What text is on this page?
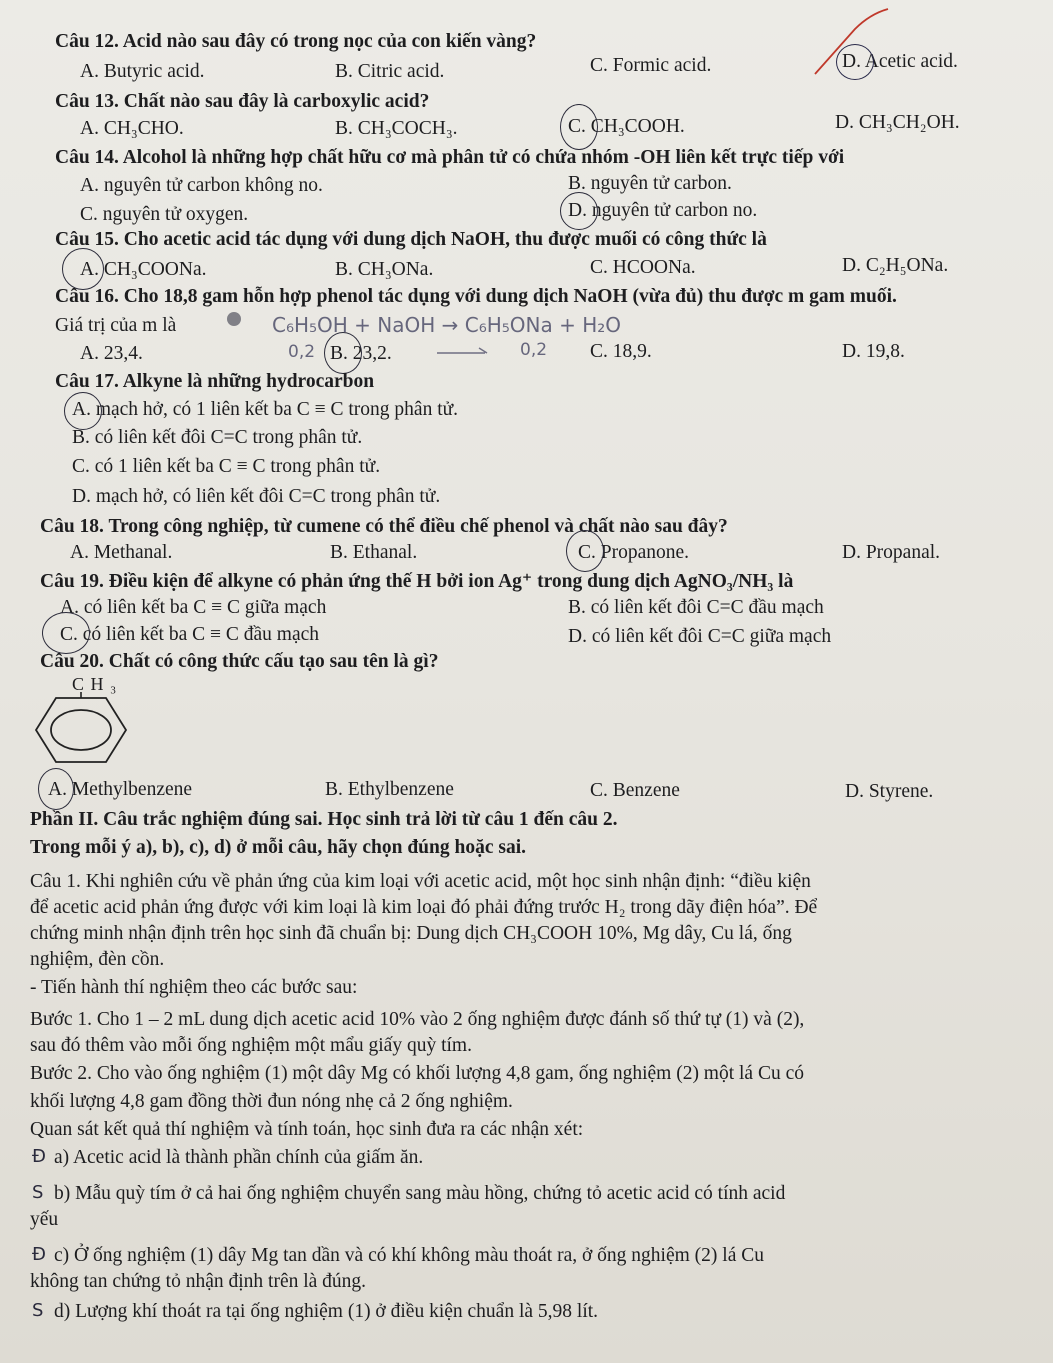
Câu 12. Acid nào sau đây có trong nọc của con kiến vàng?
A. Butyric acid.	B. Citric acid.	C. Formic acid.	D. Acetic acid.
Câu 13. Chất nào sau đây là carboxylic acid?
A. CH₃CHO.	B. CH₃COCH₃.	C. CH₃COOH.	D. CH₃CH₂OH.
Câu 14. Alcohol là những hợp chất hữu cơ mà phân tử có chứa nhóm -OH liên kết trực tiếp với
A. nguyên tử carbon không no.	B. nguyên tử carbon.
C. nguyên tử oxygen.	D. nguyên tử carbon no.
Câu 15. Cho acetic acid tác dụng với dung dịch NaOH, thu được muối có công thức là
A. CH₃COONa.	B. CH₃ONa.	C. HCOONa.	D. C₂H₅ONa.
Câu 16. Cho 18,8 gam hỗn hợp phenol tác dụng với dung dịch NaOH (vừa đủ) thu được m gam muối.
Giá trị của m là	C₆H₅OH + NaOH → C₆H₅ONa + H₂O
A. 23,4.	0,2 B. 23,2.	0,2 C. 18,9.	D. 19,8.
Câu 17. Alkyne là những hydrocarbon
A. mạch hở, có 1 liên kết ba C ≡ C trong phân tử.
B. có liên kết đôi C=C trong phân tử.
C. có 1 liên kết ba C ≡ C trong phân tử.
D. mạch hở, có liên kết đôi C=C trong phân tử.
Câu 18. Trong công nghiệp, từ cumene có thể điều chế phenol và chất nào sau đây?
A. Methanal.	B. Ethanal.	C. Propanone.	D. Propanal.
Câu 19. Điều kiện để alkyne có phản ứng thế H bởi ion Ag⁺ trong dung dịch AgNO₃/NH₃ là
A. có liên kết ba C ≡ C giữa mạch	B. có liên kết đôi C=C đầu mạch
C. có liên kết ba C ≡ C đầu mạch	D. có liên kết đôi C=C giữa mạch
Câu 20. Chất có công thức cấu tạo sau tên là gì?
C H ₃
A. Methylbenzene	B. Ethylbenzene	C. Benzene	D. Styrene.
Phần II. Câu trắc nghiệm đúng sai. Học sinh trả lời từ câu 1 đến câu 2.
Trong mỗi ý a), b), c), d) ở mỗi câu, hãy chọn đúng hoặc sai.
Câu 1. Khi nghiên cứu về phản ứng của kim loại với acetic acid, một học sinh nhận định: “điều kiện
để acetic acid phản ứng được với kim loại là kim loại đó phải đứng trước H₂ trong dãy điện hóa”. Để
chứng minh nhận định trên học sinh đã chuẩn bị: Dung dịch CH₃COOH 10%, Mg dây, Cu lá, ống
nghiệm, đèn cồn.
- Tiến hành thí nghiệm theo các bước sau:
Bước 1. Cho 1 – 2 mL dung dịch acetic acid 10% vào 2 ống nghiệm được đánh số thứ tự (1) và (2),
sau đó thêm vào mỗi ống nghiệm một mẩu giấy quỳ tím.
Bước 2. Cho vào ống nghiệm (1) một dây Mg có khối lượng 4,8 gam, ống nghiệm (2) một lá Cu có
khối lượng 4,8 gam đồng thời đun nóng nhẹ cả 2 ống nghiệm.
Quan sát kết quả thí nghiệm và tính toán, học sinh đưa ra các nhận xét:
Đ a) Acetic acid là thành phần chính của giấm ăn.
S b) Mẫu quỳ tím ở cả hai ống nghiệm chuyển sang màu hồng, chứng tỏ acetic acid có tính acid
yếu
Đ c) Ở ống nghiệm (1) dây Mg tan dần và có khí không màu thoát ra, ở ống nghiệm (2) lá Cu
không tan chứng tỏ nhận định trên là đúng.
S d) Lượng khí thoát ra tại ống nghiệm (1) ở điều kiện chuẩn là 5,98 lít.
